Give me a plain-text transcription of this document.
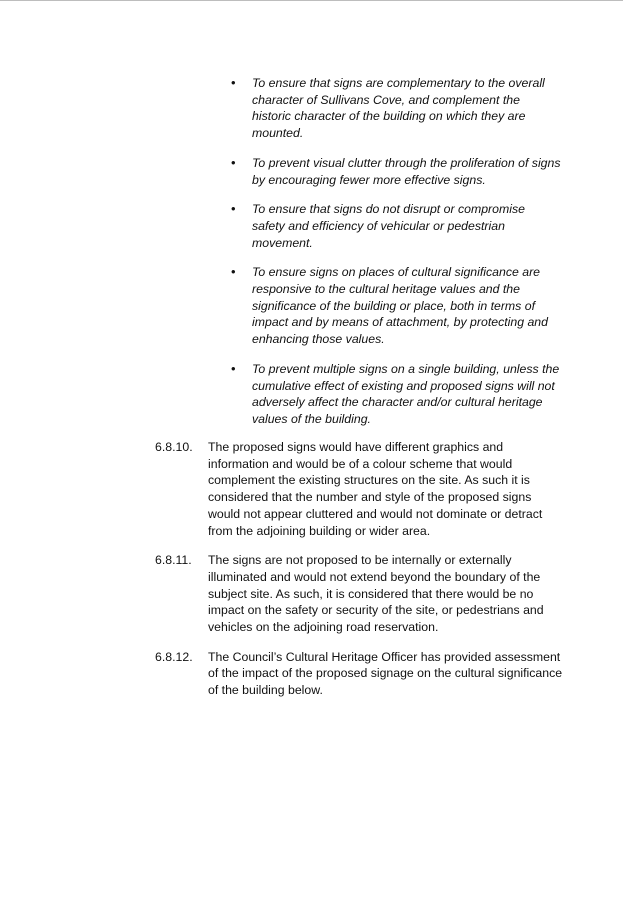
• To ensure that signs are complementary to the overall character of Sullivans Cove, and complement the historic character of the building on which they are mounted.
• To prevent visual clutter through the proliferation of signs by encouraging fewer more effective signs.
• To ensure that signs do not disrupt or compromise safety and efficiency of vehicular or pedestrian movement.
• To ensure signs on places of cultural significance are responsive to the cultural heritage values and the significance of the building or place, both in terms of impact and by means of attachment, by protecting and enhancing those values.
• To prevent multiple signs on a single building, unless the cumulative effect of existing and proposed signs will not adversely affect the character and/or cultural heritage values of the building.
6.8.10. The proposed signs would have different graphics and information and would be of a colour scheme that would complement the existing structures on the site. As such it is considered that the number and style of the proposed signs would not appear cluttered and would not dominate or detract from the adjoining building or wider area.
6.8.11. The signs are not proposed to be internally or externally illuminated and would not extend beyond the boundary of the subject site. As such, it is considered that there would be no impact on the safety or security of the site, or pedestrians and vehicles on the adjoining road reservation.
6.8.12. The Council’s Cultural Heritage Officer has provided assessment of the impact of the proposed signage on the cultural significance of the building below.
